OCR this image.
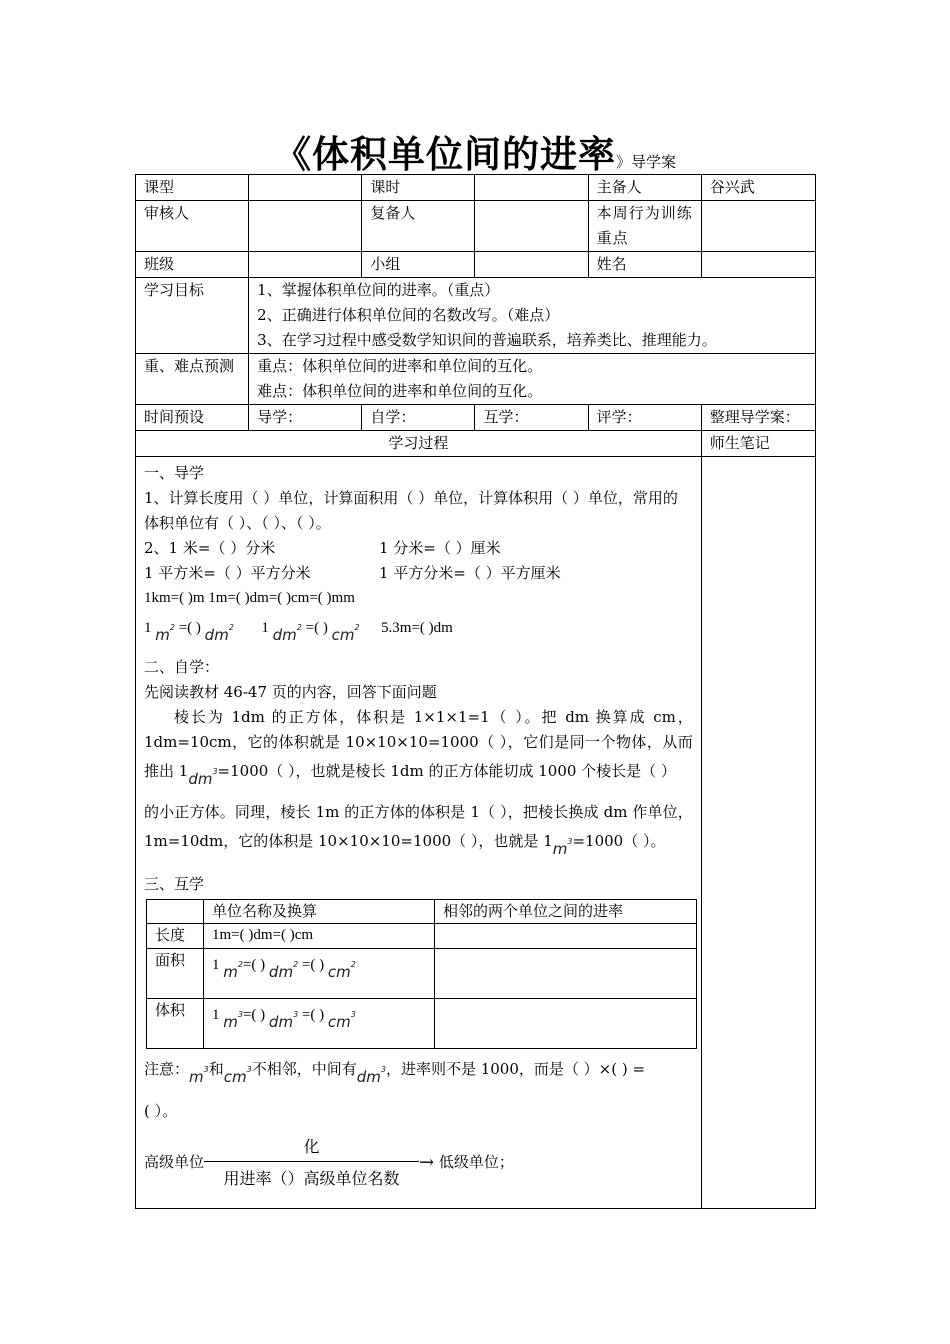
《体积单位间的进率》导学案
课型		课时		主备人	谷兴武
审核人		复备人		本周行为训练重点	
班级		小组		姓名	
学习目标	1、掌握体积单位间的进率。（重点）
2、正确进行体积单位间的名数改写。（难点）
3、在学习过程中感受数学知识间的普遍联系，培养类比、推理能力。

重、难点预测	重点：体积单位间的进率和单位间的互化。
难点：体积单位间的进率和单位间的互化。

时间预设	导学：	自学：	互学：	评学：	整理导学案：
学习过程	师生笔记

一、导学
1、计算长度用（ ）单位，计算面积用（ ）单位，计算体积用（ ）单位，常用的体积单位有（ ）、（ ）、（ ）。
2、1 米=（ ）分米	1 分米=（ ）厘米
1 平方米=（ ）平方分米	1 平方分米=（ ）平方厘米
1km=( )m 1m=( )dm=( )cm=( )mm
1 $m^2$ =( ) $dm^2$ 1 $dm^2$ =( ) $cm^2$ 5.3m=( )dm
二、自学：
先阅读教材 46-47 页的内容，回答下面问题
棱长为 1dm 的正方体，体积是 1×1×1=1（ ）。把 dm 换算成 cm，1dm=10cm，它的体积就是 10×10×10=1000（ ），它们是同一个物体，从而推出 $1dm^3=1000$（ ），也就是棱长 1dm 的正方体能切成 1000 个棱长是（ ）
的小正方体。同理，棱长 1m 的正方体的体积是 1（ ），把棱长换成 dm 作单位，1m=10dm，它的体积是 10×10×10=1000（ ），也就是 $1m^3=1000$（ ）。
三、互学
	单位名称及换算	相邻的两个单位之间的进率
长度	1m=( )dm=( )cm	
面积	1 $m^2=$( ) $dm^2$ =( ) $cm^2$	
体积	1 $m^3=$( ) $dm^3$ =( ) $cm^3$	
注意：$m^3$和$cm^3$不相邻，中间有$dm^3$，进率则不是 1000，而是（ ）×( ) =
( ）。
高级单位 $\frac{\text{化}}{\text{用进率（）高级单位名数}}$ → 低级单位；
